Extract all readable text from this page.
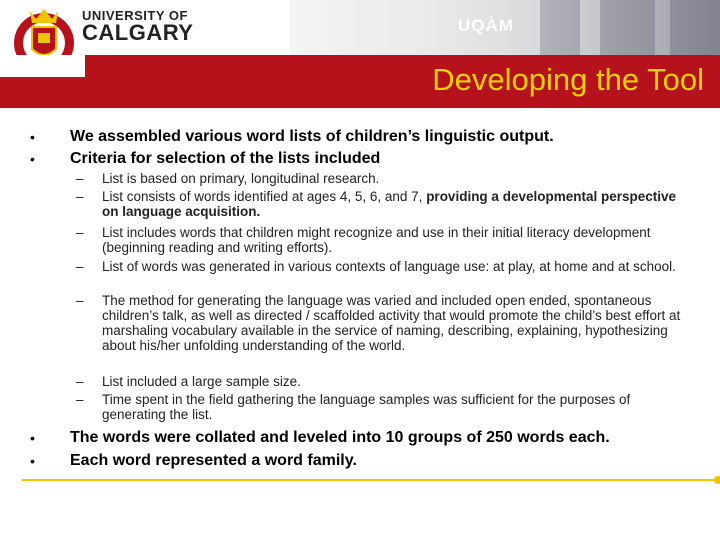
UNIVERSITY OF
CALGARY	UQÀM
Developing the Tool
• We assembled various word lists of children’s linguistic output.
• Criteria for selection of the lists included
– List is based on primary, longitudinal research.
– List consists of words identified at ages 4, 5, 6, and 7, providing a developmental perspective on language acquisition.
– List includes words that children might recognize and use in their initial literacy development (beginning reading and writing efforts).
– List of words was generated in various contexts of language use: at play, at home and at school.
– The method for generating the language was varied and included open ended, spontaneous children’s talk, as well as directed / scaffolded activity that would promote the child’s best effort at marshaling vocabulary available in the service of naming, describing, explaining, hypothesizing about his/her unfolding understanding of the world.
– List included a large sample size.
– Time spent in the field gathering the language samples was sufficient for the purposes of generating the list.
• The words were collated and leveled into 10 groups of 250 words each.
• Each word represented a word family.
